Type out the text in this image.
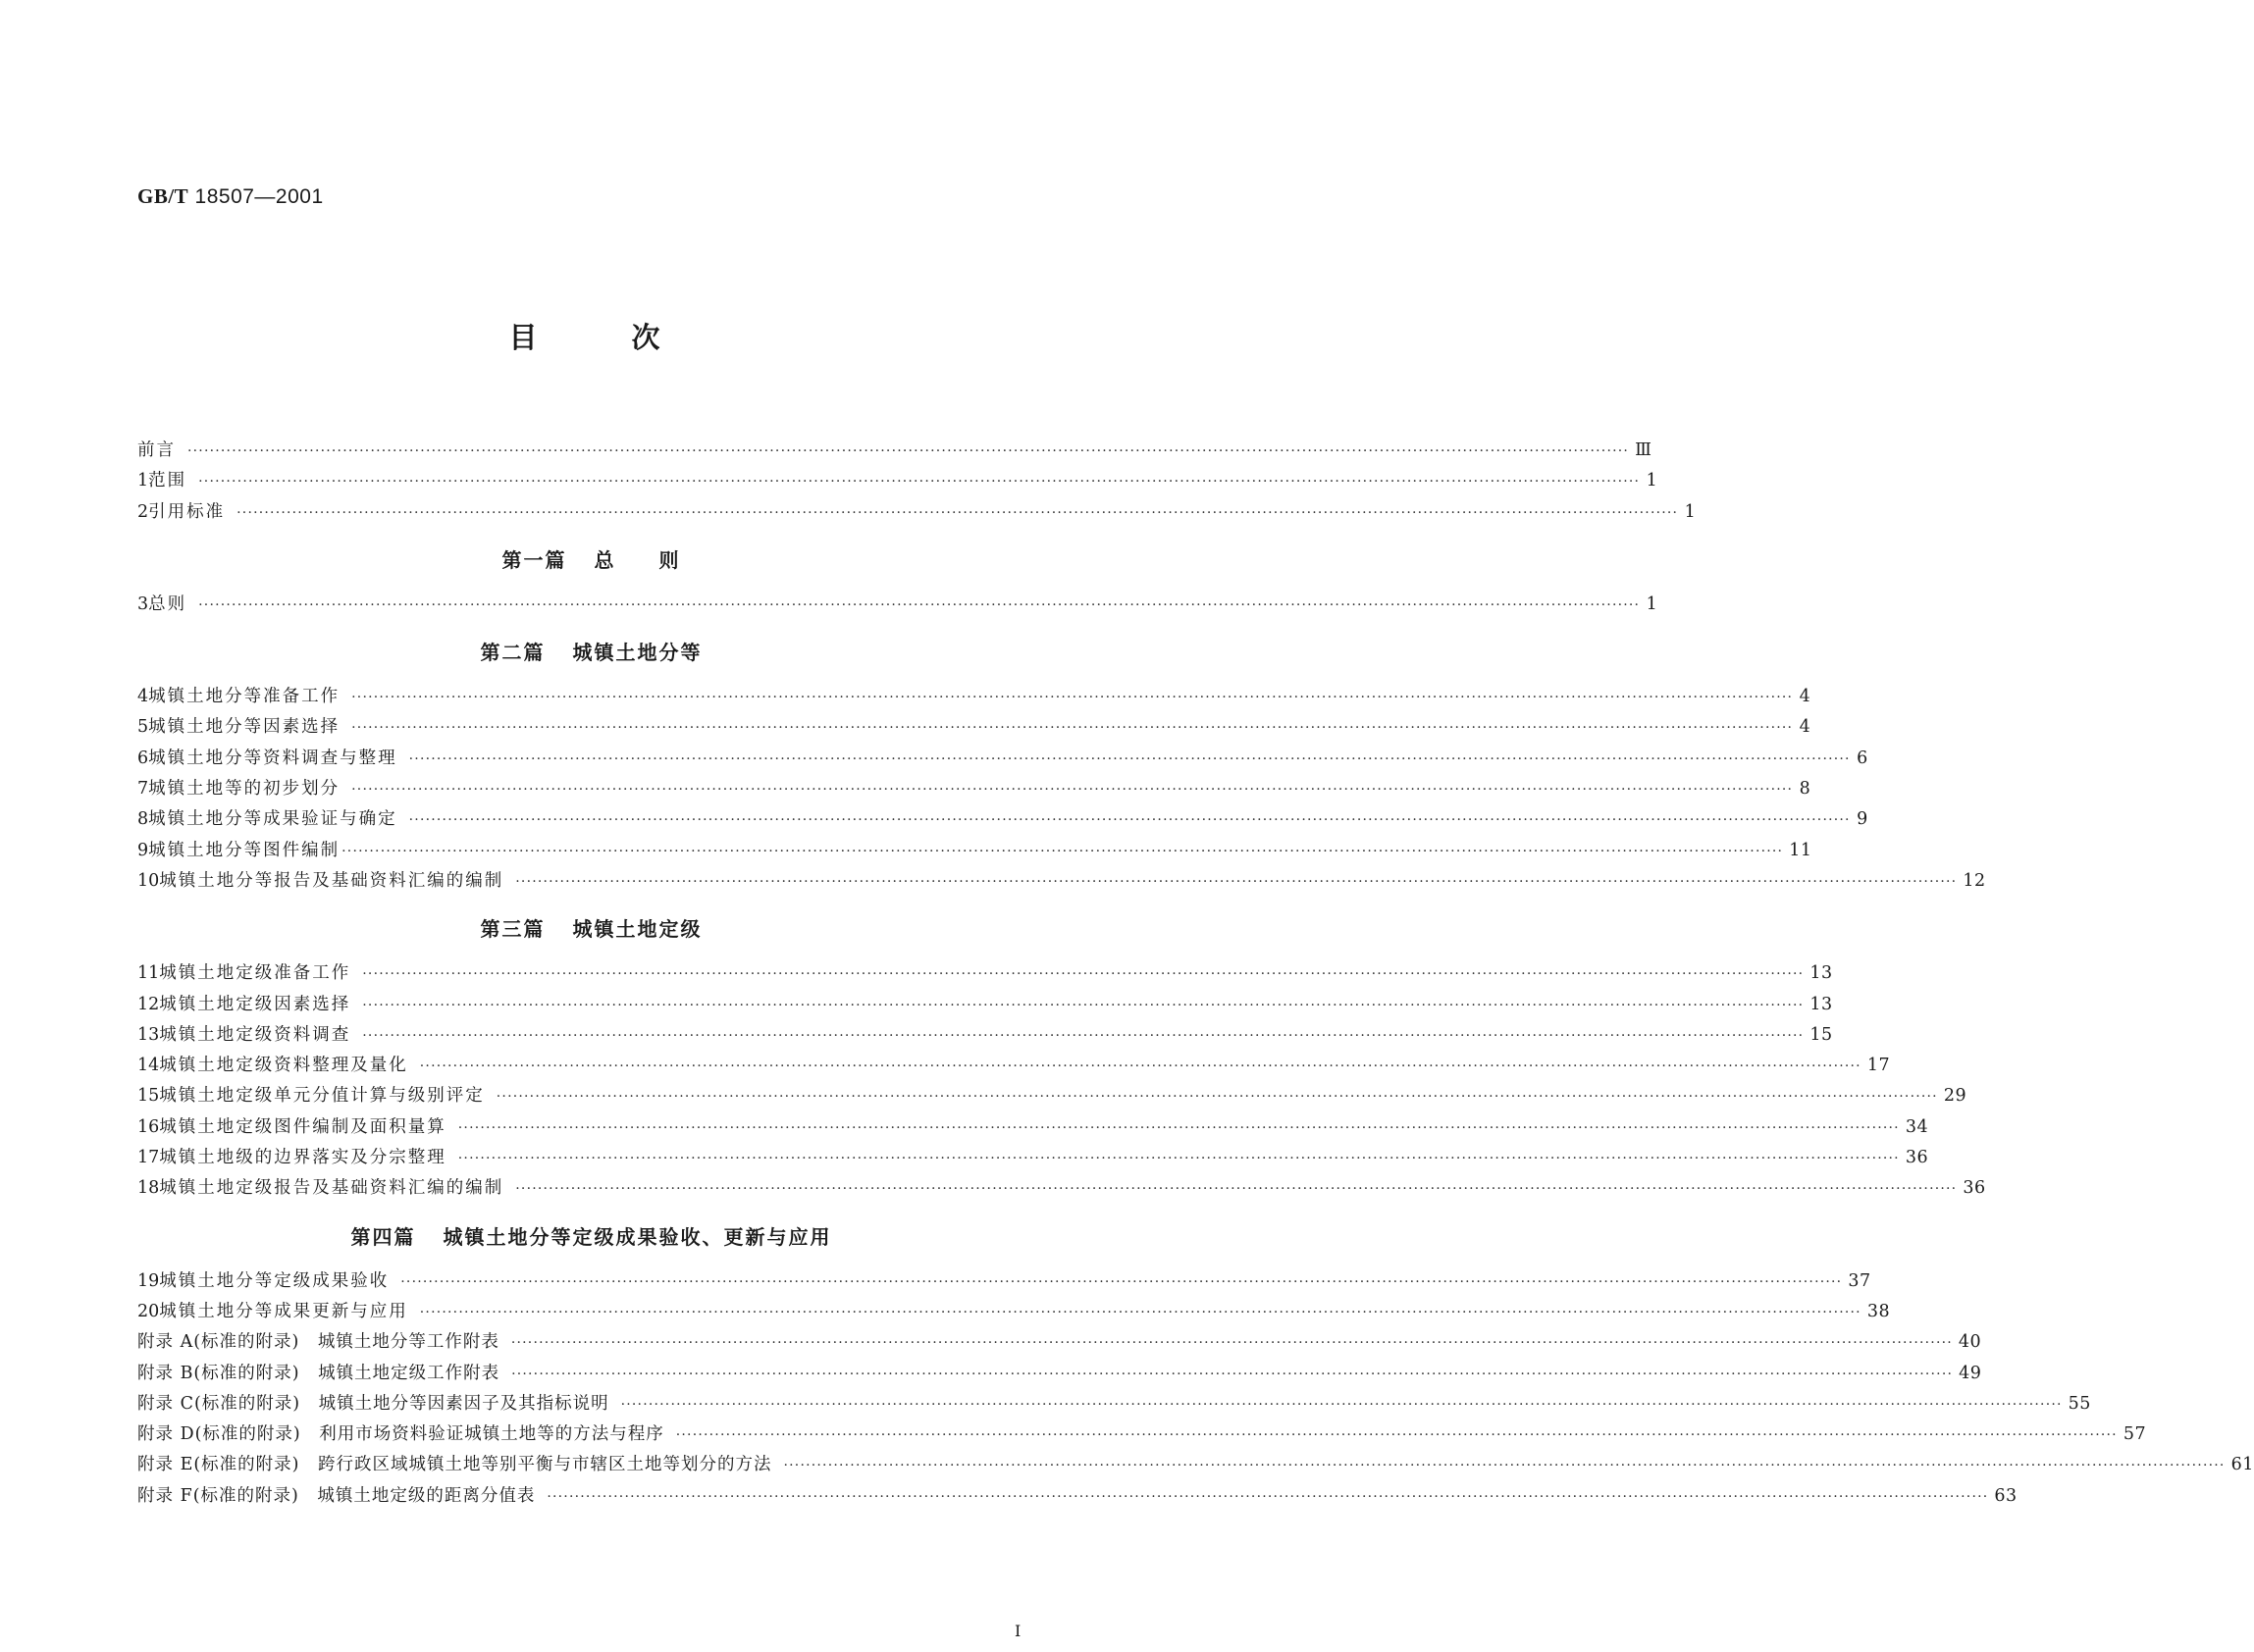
GB/T 18507—2001
目次
前言 ···································································································································································································································································· Ⅲ
1 范围 ···································································································································································································································································· 1
2 引用标准 ···································································································································································································································································· 1
第一篇 总　　则
3 总则 ···································································································································································································································································· 1
第二篇 城镇土地分等
4 城镇土地分等准备工作 ···································································································································································································································································· 4
5 城镇土地分等因素选择 ···································································································································································································································································· 4
6 城镇土地分等资料调查与整理 ···································································································································································································································································· 6
7 城镇土地等的初步划分 ···································································································································································································································································· 8
8 城镇土地分等成果验证与确定 ···································································································································································································································································· 9
9 城镇土地分等图件编制 ···································································································································································································································································· 11
10 城镇土地分等报告及基础资料汇编的编制 ···································································································································································································································································· 12
第三篇 城镇土地定级
11 城镇土地定级准备工作 ···································································································································································································································································· 13
12 城镇土地定级因素选择 ···································································································································································································································································· 13
13 城镇土地定级资料调查 ···································································································································································································································································· 15
14 城镇土地定级资料整理及量化 ···································································································································································································································································· 17
15 城镇土地定级单元分值计算与级别评定 ···································································································································································································································································· 29
16 城镇土地定级图件编制及面积量算 ···································································································································································································································································· 34
17 城镇土地级的边界落实及分宗整理 ···································································································································································································································································· 36
18 城镇土地定级报告及基础资料汇编的编制 ···································································································································································································································································· 36
第四篇 城镇土地分等定级成果验收、更新与应用
19 城镇土地分等定级成果验收 ···································································································································································································································································· 37
20 城镇土地分等成果更新与应用 ···································································································································································································································································· 38
附录 A(标准的附录)　城镇土地分等工作附表 ···································································································································································································································································· 40
附录 B(标准的附录)　城镇土地定级工作附表 ···································································································································································································································································· 49
附录 C(标准的附录)　城镇土地分等因素因子及其指标说明 ···································································································································································································································································· 55
附录 D(标准的附录)　利用市场资料验证城镇土地等的方法与程序 ···································································································································································································································································· 57
附录 E(标准的附录)　跨行政区域城镇土地等别平衡与市辖区土地等划分的方法 ···································································································································································································································································· 61
附录 F(标准的附录)　城镇土地定级的距离分值表 ···································································································································································································································································· 63
Ⅰ
